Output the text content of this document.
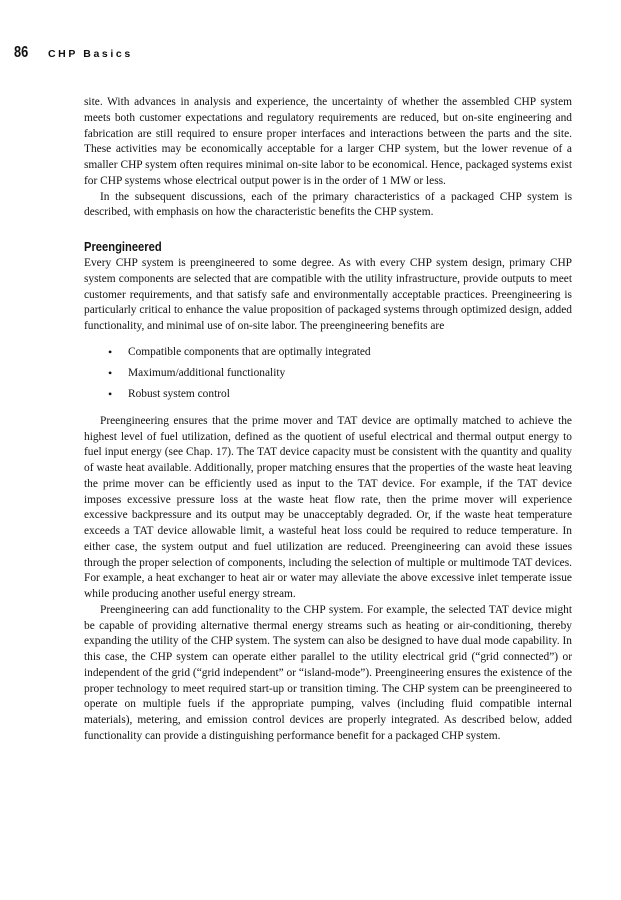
86	CHP Basics

site. With advances in analysis and experience, the uncertainty of whether the assembled CHP system meets both customer expectations and regulatory requirements are reduced, but on-site engineering and fabrication are still required to ensure proper interfaces and interactions between the parts and the site. These activities may be economically acceptable for a larger CHP system, but the lower revenue of a smaller CHP system often requires minimal on-site labor to be economical. Hence, packaged systems exist for CHP systems whose electrical output power is in the order of 1 MW or less.

In the subsequent discussions, each of the primary characteristics of a packaged CHP system is described, with emphasis on how the characteristic benefits the CHP system.

Preengineered

Every CHP system is preengineered to some degree. As with every CHP system design, primary CHP system components are selected that are compatible with the utility infrastructure, provide outputs to meet customer requirements, and that satisfy safe and environmentally acceptable practices. Preengineering is particularly critical to enhance the value proposition of packaged systems through optimized design, added functionality, and minimal use of on-site labor. The preengineering benefits are

• Compatible components that are optimally integrated
• Maximum/additional functionality
• Robust system control

Preengineering ensures that the prime mover and TAT device are optimally matched to achieve the highest level of fuel utilization, defined as the quotient of useful electrical and thermal output energy to fuel input energy (see Chap. 17). The TAT device capacity must be consistent with the quantity and quality of waste heat available. Additionally, proper matching ensures that the properties of the waste heat leaving the prime mover can be efficiently used as input to the TAT device. For example, if the TAT device imposes excessive pressure loss at the waste heat flow rate, then the prime mover will experience excessive backpressure and its output may be unacceptably degraded. Or, if the waste heat temperature exceeds a TAT device allowable limit, a wasteful heat loss could be required to reduce temperature. In either case, the system output and fuel utilization are reduced. Preengineering can avoid these issues through the proper selection of components, including the selection of multiple or multimode TAT devices. For example, a heat exchanger to heat air or water may alleviate the above excessive inlet temperate issue while producing another useful energy stream.

Preengineering can add functionality to the CHP system. For example, the selected TAT device might be capable of providing alternative thermal energy streams such as heating or air-conditioning, thereby expanding the utility of the CHP system. The system can also be designed to have dual mode capability. In this case, the CHP system can operate either parallel to the utility electrical grid (“grid connected”) or independent of the grid (“grid independent” or “island-mode”). Preengineering ensures the existence of the proper technology to meet required start-up or transition timing. The CHP system can be preengineered to operate on multiple fuels if the appropriate pumping, valves (including fluid compatible internal materials), metering, and emission control devices are properly integrated. As described below, added functionality can provide a distinguishing performance benefit for a packaged CHP system.
